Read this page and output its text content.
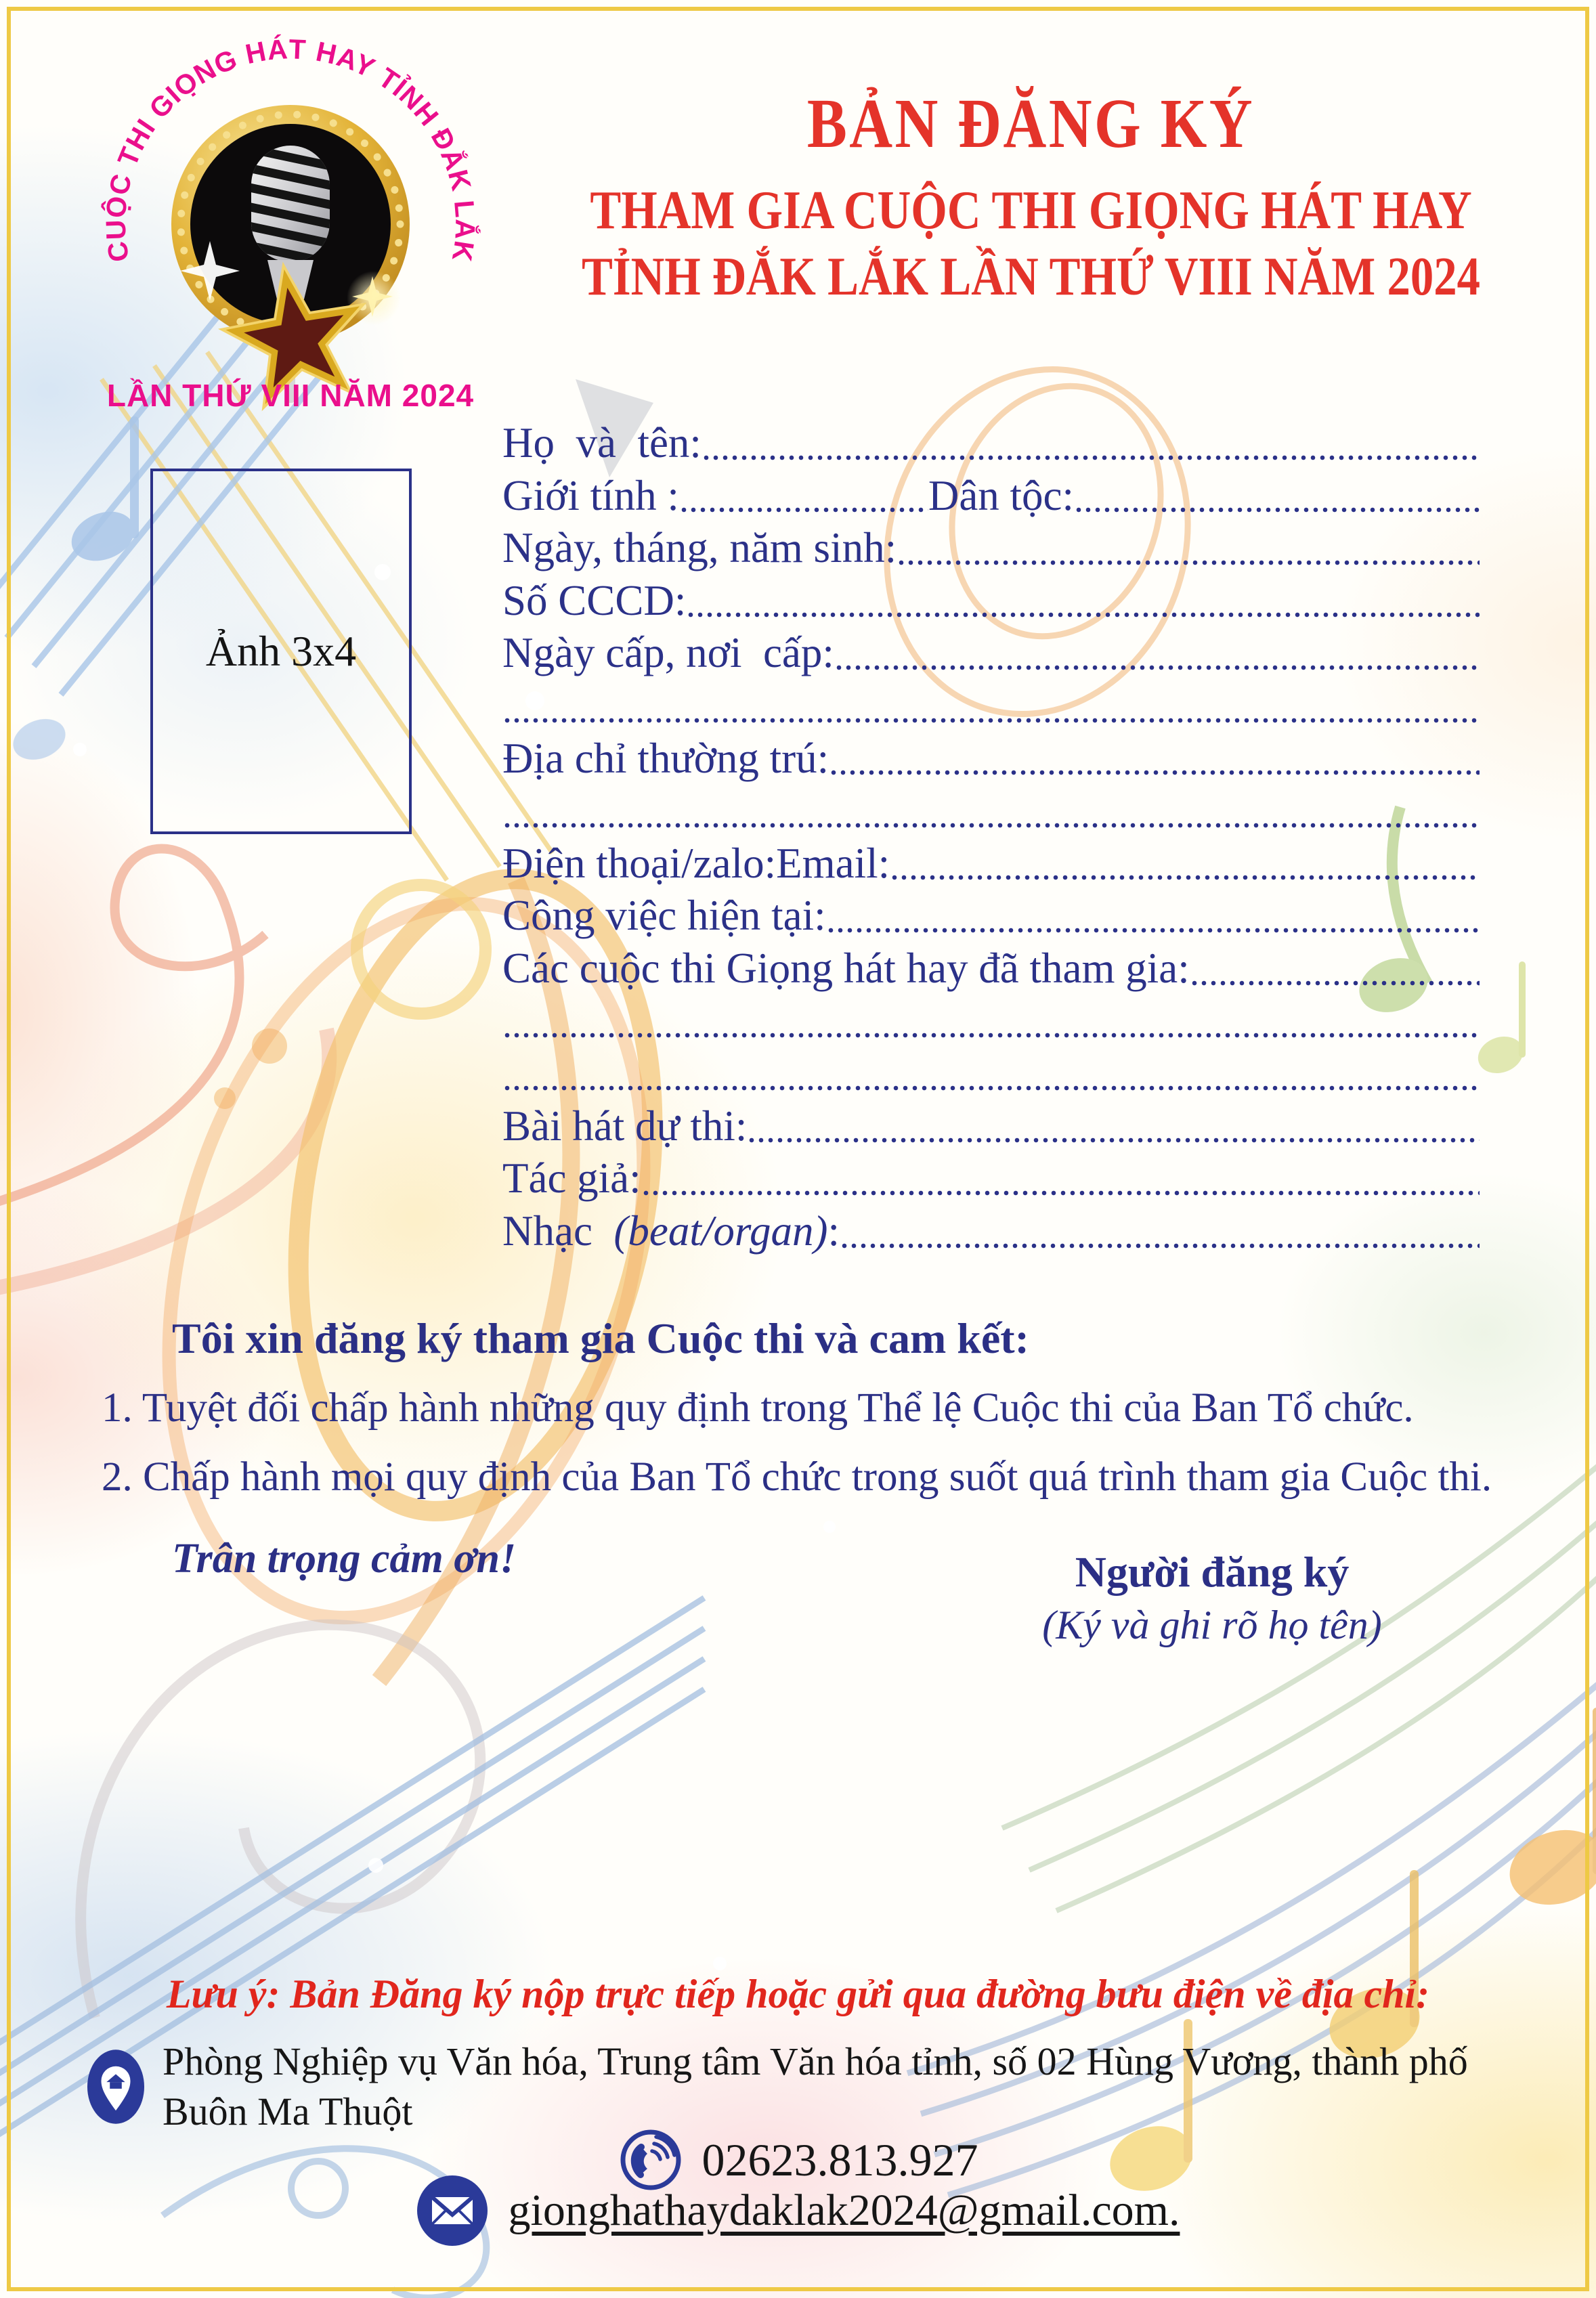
CUỘC THI GIỌNG HÁT HAY TỈNH ĐẮK LẮK
LẦN THỨ VIII NĂM 2024
BẢN ĐĂNG KÝ
THAM GIA CUỘC THI GIỌNG HÁT HAY
TỈNH ĐẮK LẮK LẦN THỨ VIII NĂM 2024
Ảnh 3x4
Họ  và  tên:
Giới tính :	Dân tộc:
Ngày, tháng, năm sinh:
Số CCCD:
Ngày cấp, nơi  cấp:
Địa chỉ thường trú:
Điện thoại/zalo:Email:
Công việc hiện tại:
Các cuộc thi Giọng hát hay đã tham gia:
Bài hát dự thi:
Tác giả:
Nhạc (beat/organ) :
Tôi xin đăng ký tham gia Cuộc thi và cam kết:
1. Tuyệt đối chấp hành những quy định trong Thể lệ Cuộc thi của Ban Tổ chức.
2. Chấp hành mọi quy định của Ban Tổ chức trong suốt quá trình tham gia Cuộc thi.
Trân trọng cảm ơn!	Người đăng ký
(Ký và ghi rõ họ tên)
Lưu ý: Bản Đăng ký nộp trực tiếp hoặc gửi qua đường bưu điện về địa chỉ:
Phòng Nghiệp vụ Văn hóa, Trung tâm Văn hóa tỉnh, số 02 Hùng Vương, thành phố Buôn Ma Thuột
02623.813.927
gionghathaydaklak2024@gmail.com.
